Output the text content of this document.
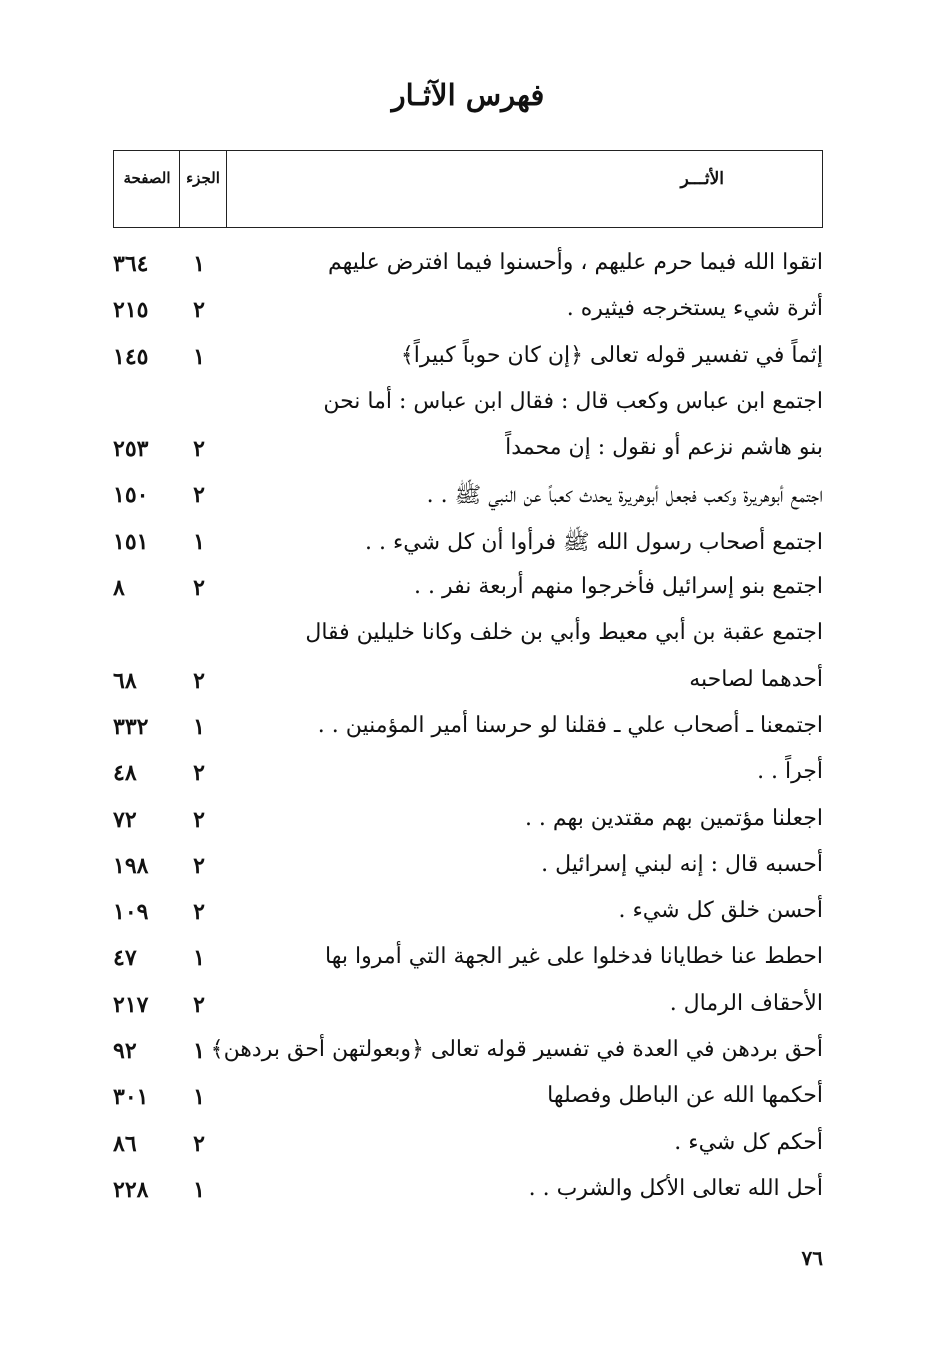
فهرس الآثـار
الأثـــر
الجزء
الصفحة
اتقوا الله فيما حرم عليهم ، وأحسنوا فيما افترض عليهم
١
٣٦٤
أثرة شيء يستخرجه فيثيره .
٢
٢١٥
إثماً في تفسير قوله تعالى ﴿إن كان حوباً كبيراً﴾
١
١٤٥
اجتمع ابن عباس وكعب قال : فقال ابن عباس : أما نحن
بنو هاشم نزعم أو نقول : إن محمداً
٢
٢٥٣
اجتمع أبوهريرة وكعب فجعل أبوهريرة يحدث كعباً عن النبي ﷺ . .
٢
١٥٠
اجتمع أصحاب رسول الله ﷺ فرأوا أن كل شيء . .
١
١٥١
اجتمع بنو إسرائيل فأخرجوا منهم أربعة نفر . .
٢
٨
اجتمع عقبة بن أبي معيط وأبي بن خلف وكانا خليلين فقال
أحدهما لصاحبه
٢
٦٨
اجتمعنا ـ أصحاب علي ـ فقلنا لو حرسنا أمير المؤمنين . .
١
٣٣٢
أجراً . .
٢
٤٨
اجعلنا مؤتمين بهم مقتدين بهم . .
٢
٧٢
أحسبه قال : إنه لبني إسرائيل .
٢
١٩٨
أحسن خلق كل شيء .
٢
١٠٩
احطط عنا خطايانا فدخلوا على غير الجهة التي أمروا بها
١
٤٧
الأحقاف الرمال .
٢
٢١٧
أحق بردهن في العدة في تفسير قوله تعالى ﴿وبعولتهن أحق بردهن﴾
١
٩٢
أحكمها الله عن الباطل وفصلها
١
٣٠١
أحكم كل شيء .
٢
٨٦
أحل الله تعالى الأكل والشرب . .
١
٢٢٨
٧٦
